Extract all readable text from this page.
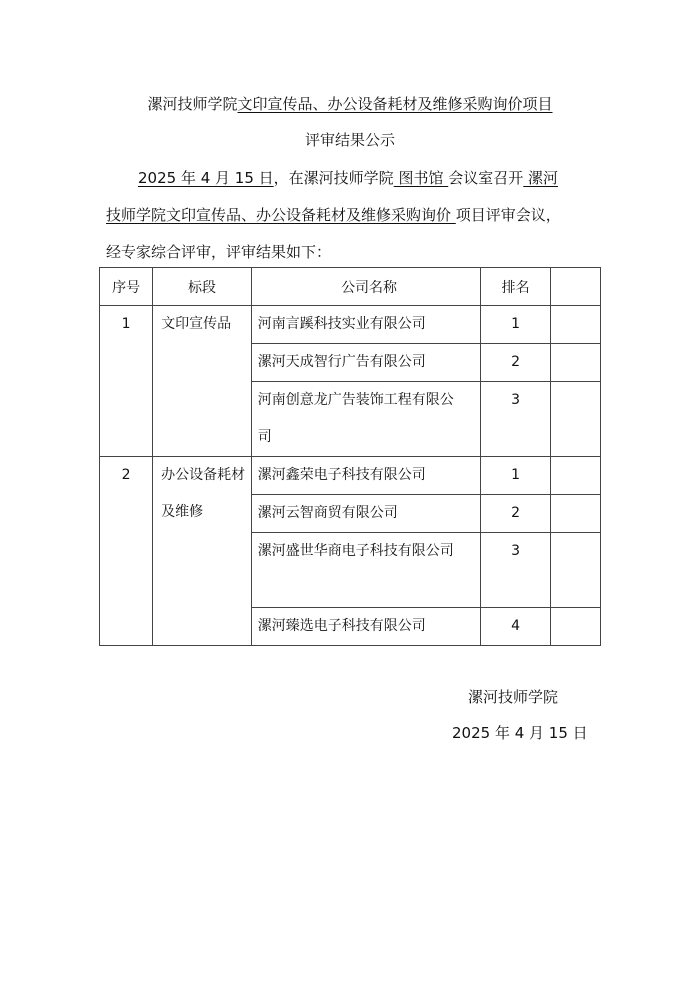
漯河技师学院文印宣传品、办公设备耗材及维修采购询价项目
评审结果公示
2025 年 4 月 15 日，在漯河技师学院 图书馆 会议室召开 漯河
技师学院文印宣传品、办公设备耗材及维修采购询价 项目评审会议，
经专家综合评审，评审结果如下：
序号	标段	公司名称	排名	

1	文印宣传品	河南言蹊科技实业有限公司	1	

		漯河天成智行广告有限公司	2	

		河南创意龙广告装饰工程有限公司	3	

2	办公设备耗材及维修	漯河鑫荣电子科技有限公司	1	

		漯河云智商贸有限公司	2	

		漯河盛世华商电子科技有限公司	3	

		漯河臻选电子科技有限公司	4	

漯河技师学院
2025 年 4 月 15 日
